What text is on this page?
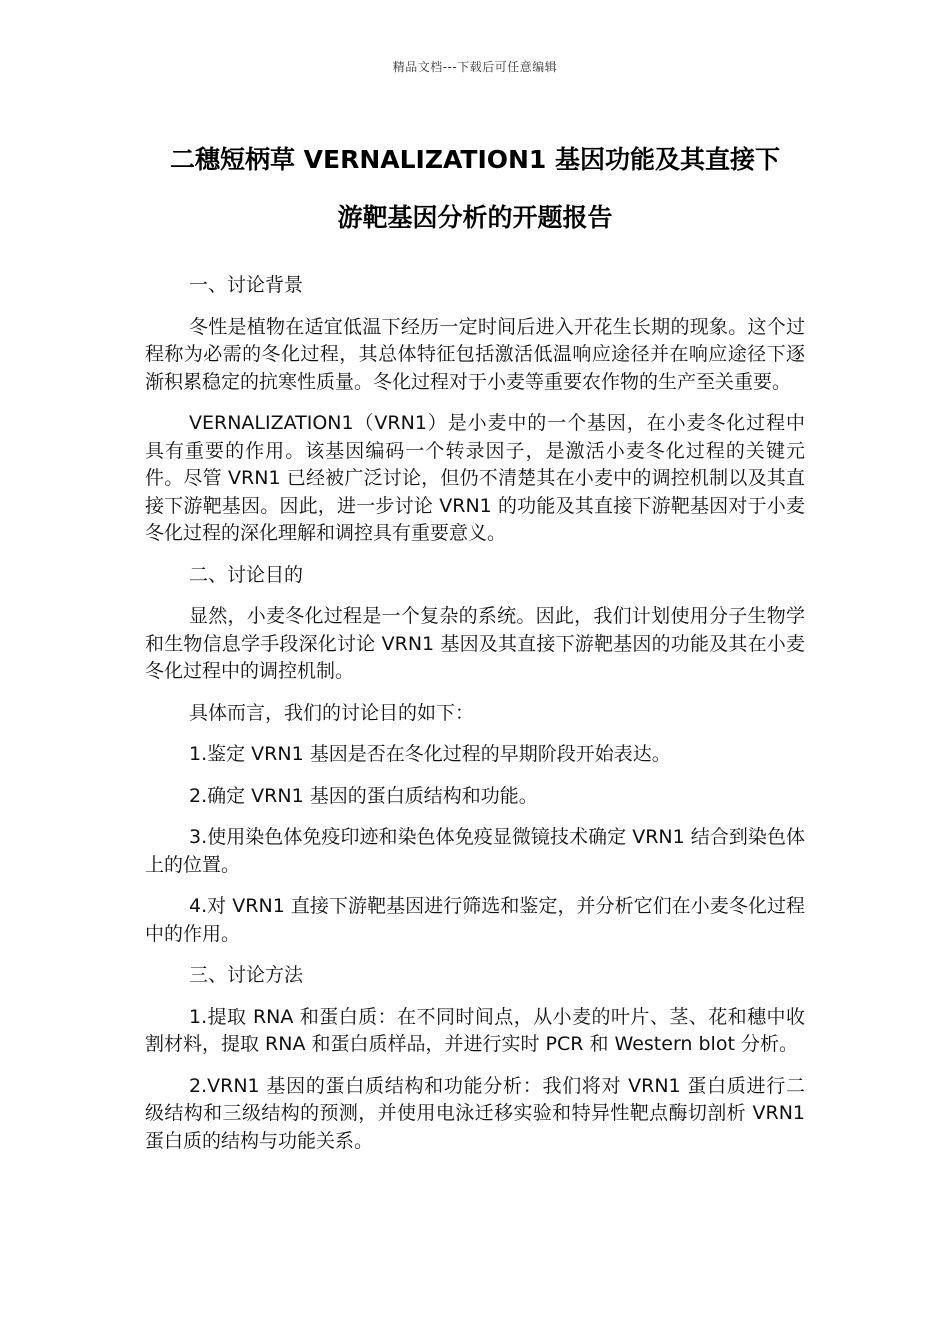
精品文档---下载后可任意编辑
二穗短柄草 VERNALIZATION1 基因功能及其直接下
游靶基因分析的开题报告

一、讨论背景

冬性是植物在适宜低温下经历一定时间后进入开花生长期的现象。这个过程称为必需的冬化过程，其总体特征包括激活低温响应途径并在响应途径下逐渐积累稳定的抗寒性质量。冬化过程对于小麦等重要农作物的生产至关重要。

VERNALIZATION1（VRN1）是小麦中的一个基因，在小麦冬化过程中具有重要的作用。该基因编码一个转录因子，是激活小麦冬化过程的关键元件。尽管 VRN1 已经被广泛讨论，但仍不清楚其在小麦中的调控机制以及其直接下游靶基因。因此，进一步讨论 VRN1 的功能及其直接下游靶基因对于小麦冬化过程的深化理解和调控具有重要意义。

二、讨论目的

显然，小麦冬化过程是一个复杂的系统。因此，我们计划使用分子生物学和生物信息学手段深化讨论 VRN1 基因及其直接下游靶基因的功能及其在小麦冬化过程中的调控机制。

具体而言，我们的讨论目的如下：

1.鉴定 VRN1 基因是否在冬化过程的早期阶段开始表达。

2.确定 VRN1 基因的蛋白质结构和功能。

3.使用染色体免疫印迹和染色体免疫显微镜技术确定 VRN1 结合到染色体上的位置。

4.对 VRN1 直接下游靶基因进行筛选和鉴定，并分析它们在小麦冬化过程中的作用。

三、讨论方法

1.提取 RNA 和蛋白质：在不同时间点，从小麦的叶片、茎、花和穗中收割材料，提取 RNA 和蛋白质样品，并进行实时 PCR 和 Western blot 分析。

2.VRN1 基因的蛋白质结构和功能分析：我们将对 VRN1 蛋白质进行二级结构和三级结构的预测，并使用电泳迁移实验和特异性靶点酶切剖析 VRN1 蛋白质的结构与功能关系。
